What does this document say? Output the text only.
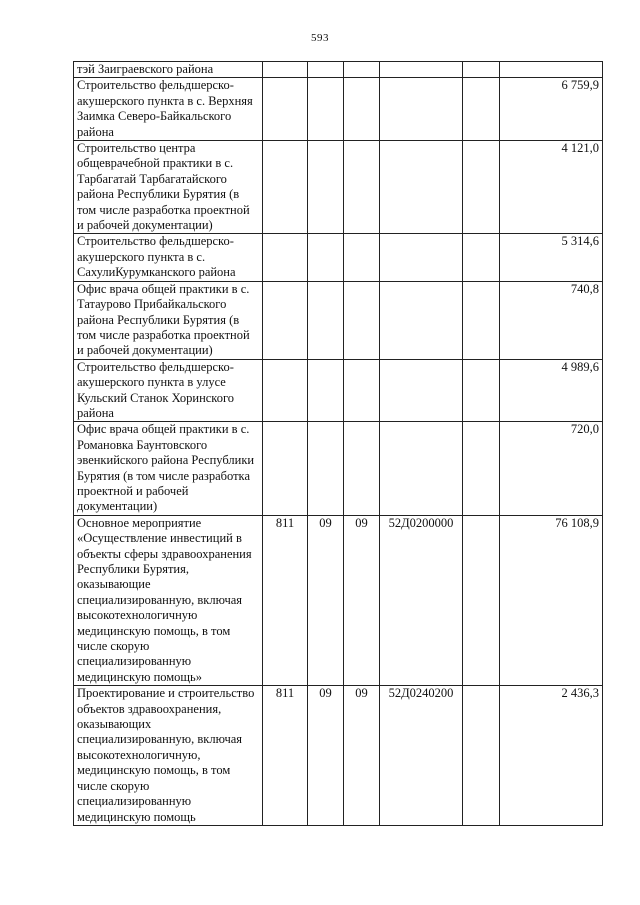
593
тэй Заиграевского района						
Строительство фельдшерско-акушерского пункта в с. Верхняя Заимка Северо-Байкальского района						6 759,9
Строительство центра общеврачебной практики в с. Тарбагатай Тарбагатайского района Республики Бурятия (в том числе разработка проектной и рабочей документации)						4 121,0
Строительство фельдшерско-акушерского пункта в с. СахулиКурумканского района						5 314,6
Офис врача общей практики в с. Татаурово Прибайкальского района Республики Бурятия (в том числе разработка проектной и рабочей документации)						740,8
Строительство фельдшерско-акушерского пункта в улусе Кульский Станок Хоринского района						4 989,6
Офис врача общей практики в с. Романовка Баунтовского эвенкийского района Республики Бурятия (в том числе разработка проектной и рабочей документации)						720,0
Основное мероприятие «Осуществление инвестиций в объекты сферы здравоохранения Республики Бурятия, оказывающие специализированную, включая высокотехнологичную медицинскую помощь, в том числе скорую специализированную медицинскую помощь»	811	09	09	52Д0200000		76 108,9
Проектирование и строительство объектов здравоохранения, оказывающих специализированную, включая высокотехнологичную, медицинскую помощь, в том числе скорую специализированную медицинскую помощь	811	09	09	52Д0240200		2 436,3
